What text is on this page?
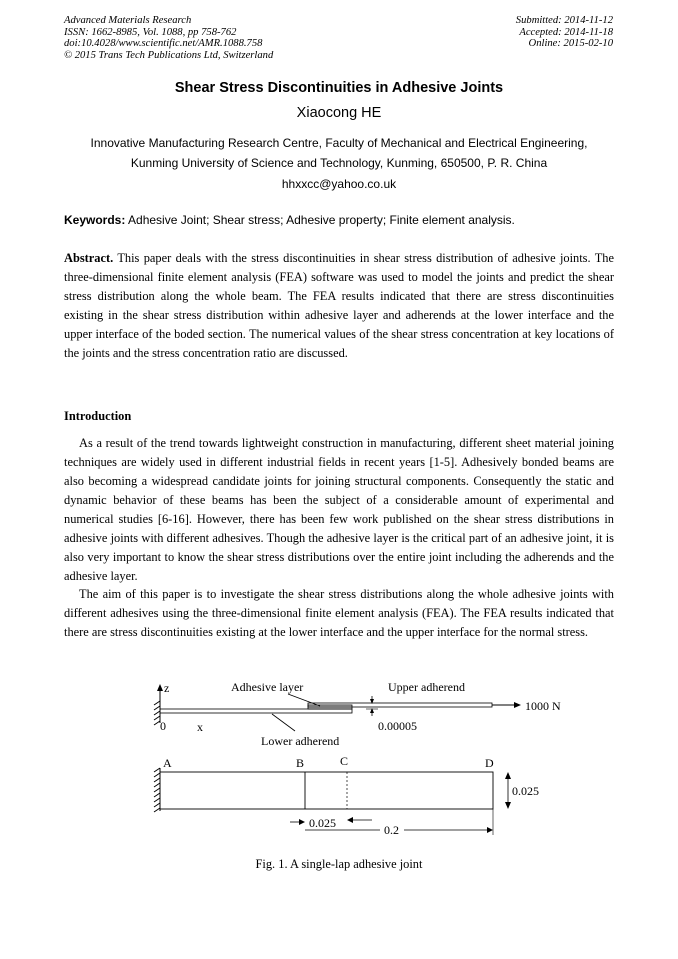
Advanced Materials Research
ISSN: 1662-8985, Vol. 1088, pp 758-762
doi:10.4028/www.scientific.net/AMR.1088.758
© 2015 Trans Tech Publications Ltd, Switzerland
Submitted: 2014-11-12
Accepted: 2014-11-18
Online: 2015-02-10
Shear Stress Discontinuities in Adhesive Joints
Xiaocong HE
Innovative Manufacturing Research Centre, Faculty of Mechanical and Electrical Engineering,
Kunming University of Science and Technology, Kunming, 650500, P. R. China
hhxxcc@yahoo.co.uk
Keywords: Adhesive Joint; Shear stress; Adhesive property; Finite element analysis.
Abstract. This paper deals with the stress discontinuities in shear stress distribution of adhesive joints. The three-dimensional finite element analysis (FEA) software was used to model the joints and predict the shear stress distribution along the whole beam. The FEA results indicated that there are stress discontinuities existing in the shear stress distribution within adhesive layer and adherends at the lower interface and the upper interface of the boded section. The numerical values of the shear stress concentration at key locations of the joints and the stress concentration ratio are discussed.
Introduction
As a result of the trend towards lightweight construction in manufacturing, different sheet material joining techniques are widely used in different industrial fields in recent years [1-5]. Adhesively bonded beams are also becoming a widespread candidate joints for joining structural components. Consequently the static and dynamic behavior of these beams has been the subject of a considerable amount of experimental and numerical studies [6-16]. However, there has been few work published on the shear stress distributions in adhesive joints with different adhesives. Though the adhesive layer is the critical part of an adhesive joint, it is also very important to know the shear stress distributions over the entire joint including the adherends and the adhesive layer.
The aim of this paper is to investigate the shear stress distributions along the whole adhesive joints with different adhesives using the three-dimensional finite element analysis (FEA). The FEA results indicated that there are stress discontinuities existing at the lower interface and the upper interface for the normal stress.
z
0	x
1000 N
Adhesive layer	Upper adherend
0.00005
Lower adherend
A	B	C	D
0.025
0.025	0.2
Fig. 1. A single-lap adhesive joint
